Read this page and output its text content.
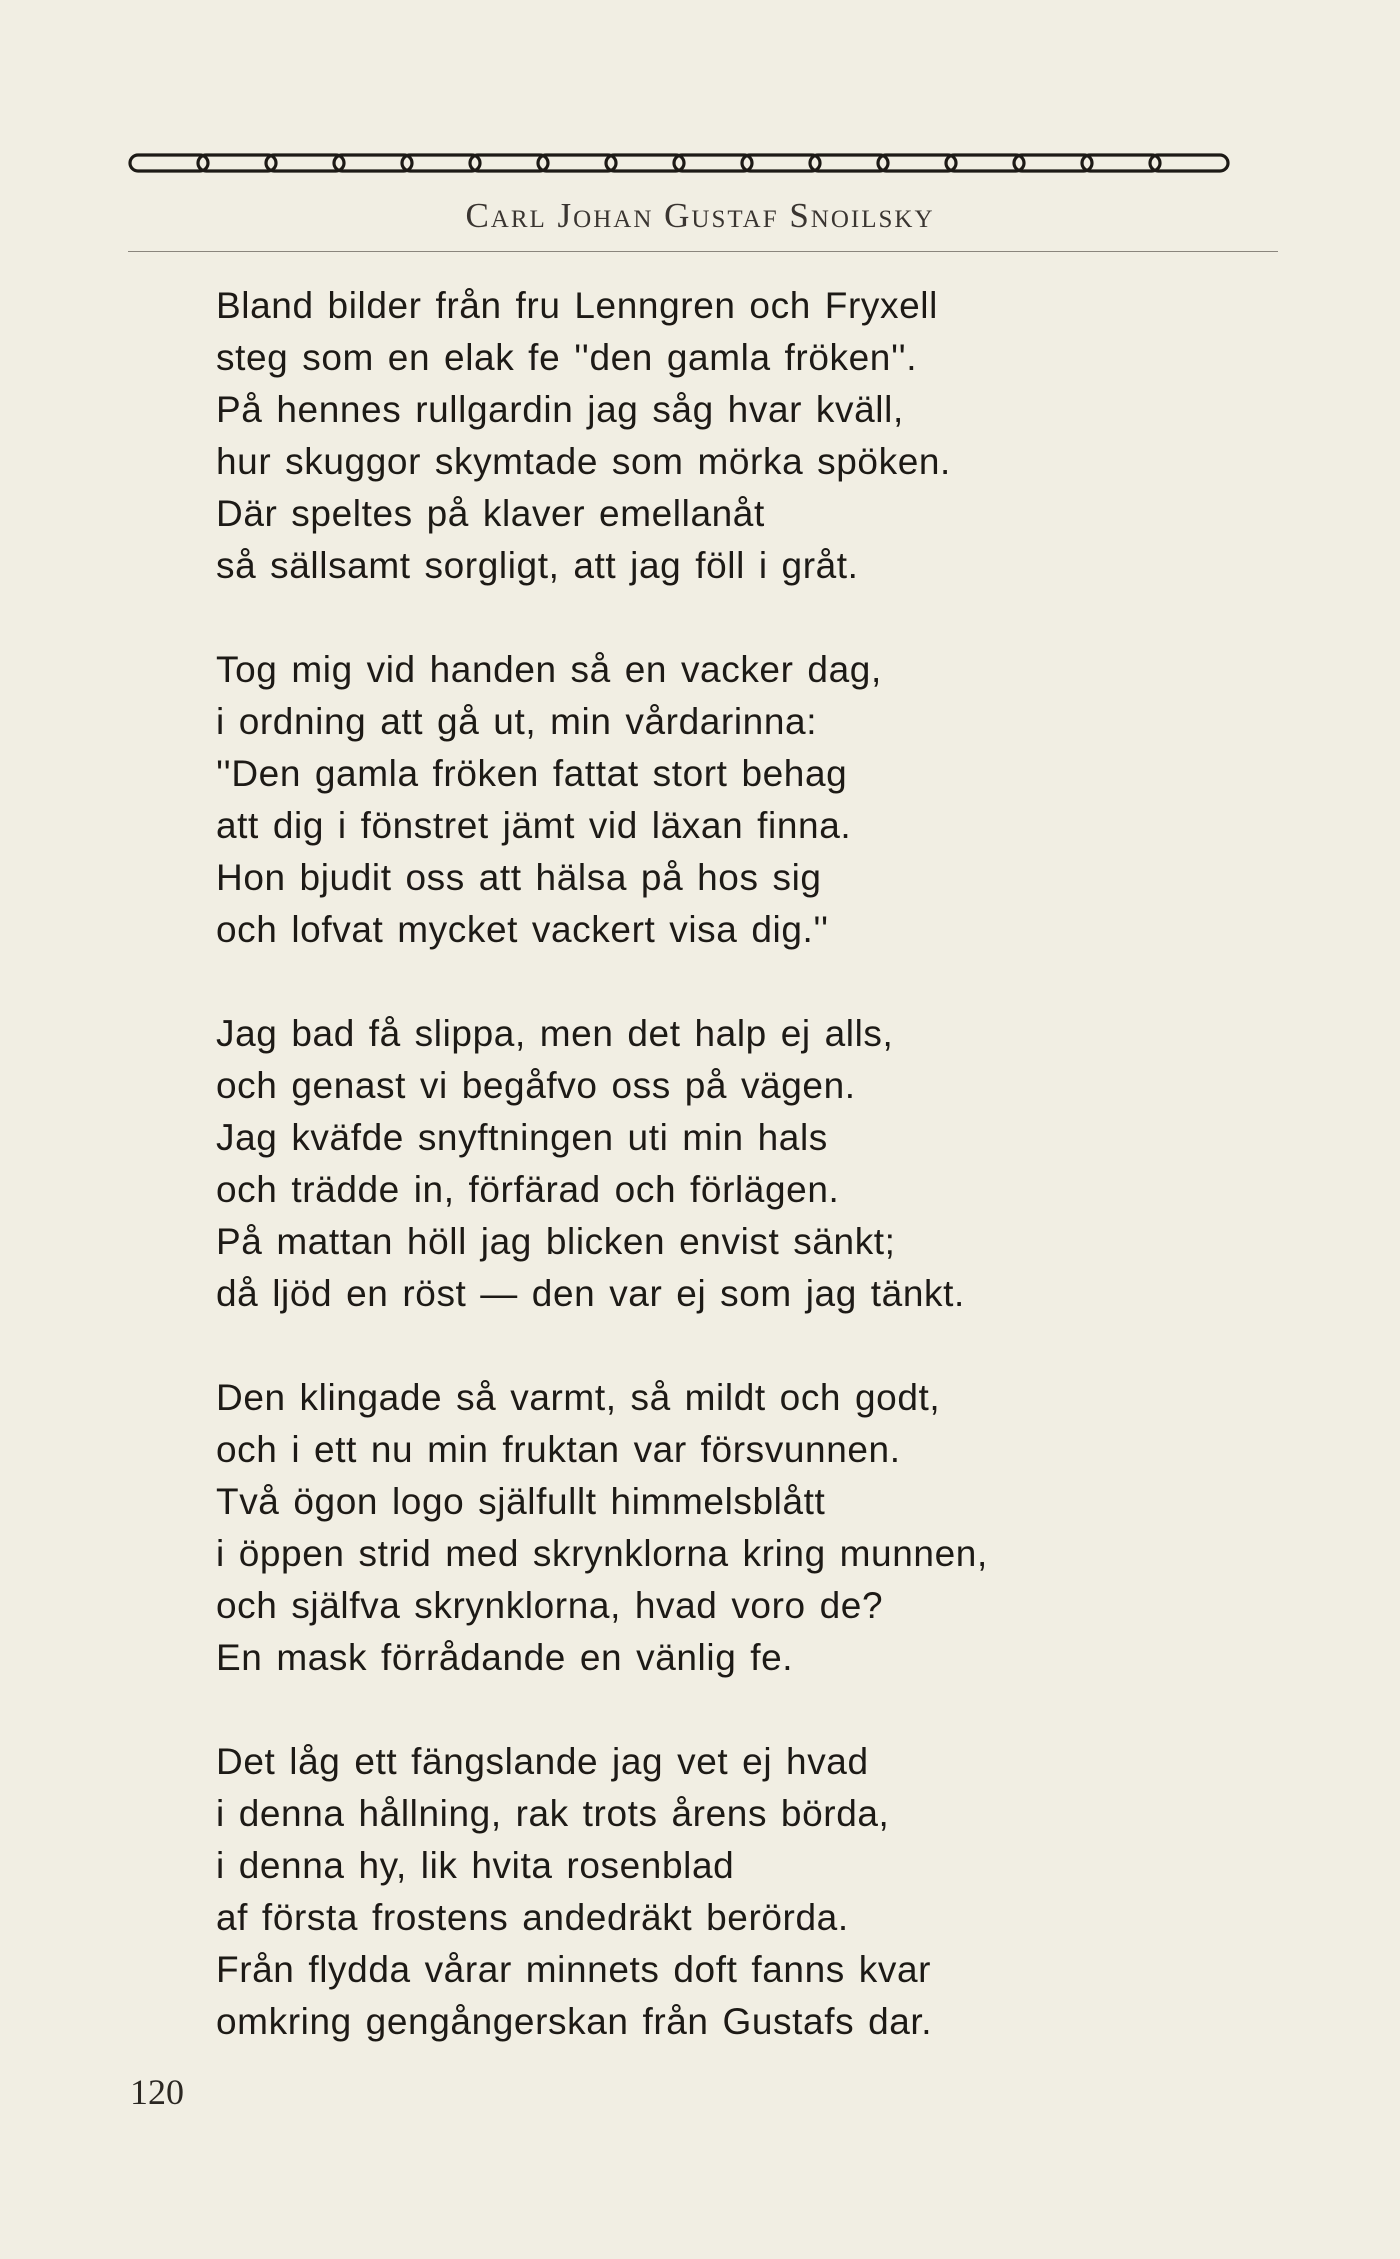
Carl Johan Gustaf Snoilsky
Bland bilder från fru Lenngren och Fryxell
steg som en elak fe ''den gamla fröken''.
På hennes rullgardin jag såg hvar kväll,
hur skuggor skymtade som mörka spöken.
Där speltes på klaver emellanåt
så sällsamt sorgligt, att jag föll i gråt.
Tog mig vid handen så en vacker dag,
i ordning att gå ut, min vårdarinna:
''Den gamla fröken fattat stort behag
att dig i fönstret jämt vid läxan finna.
Hon bjudit oss att hälsa på hos sig
och lofvat mycket vackert visa dig.''
Jag bad få slippa, men det halp ej alls,
och genast vi begåfvo oss på vägen.
Jag kväfde snyftningen uti min hals
och trädde in, förfärad och förlägen.
På mattan höll jag blicken envist sänkt;
då ljöd en röst — den var ej som jag tänkt.
Den klingade så varmt, så mildt och godt,
och i ett nu min fruktan var försvunnen.
Två ögon logo själfullt himmelsblått
i öppen strid med skrynklorna kring munnen,
och själfva skrynklorna, hvad voro de?
En mask förrådande en vänlig fe.
Det låg ett fängslande jag vet ej hvad
i denna hållning, rak trots årens börda,
i denna hy, lik hvita rosenblad
af första frostens andedräkt berörda.
Från flydda vårar minnets doft fanns kvar
omkring gengångerskan från Gustafs dar.
120
